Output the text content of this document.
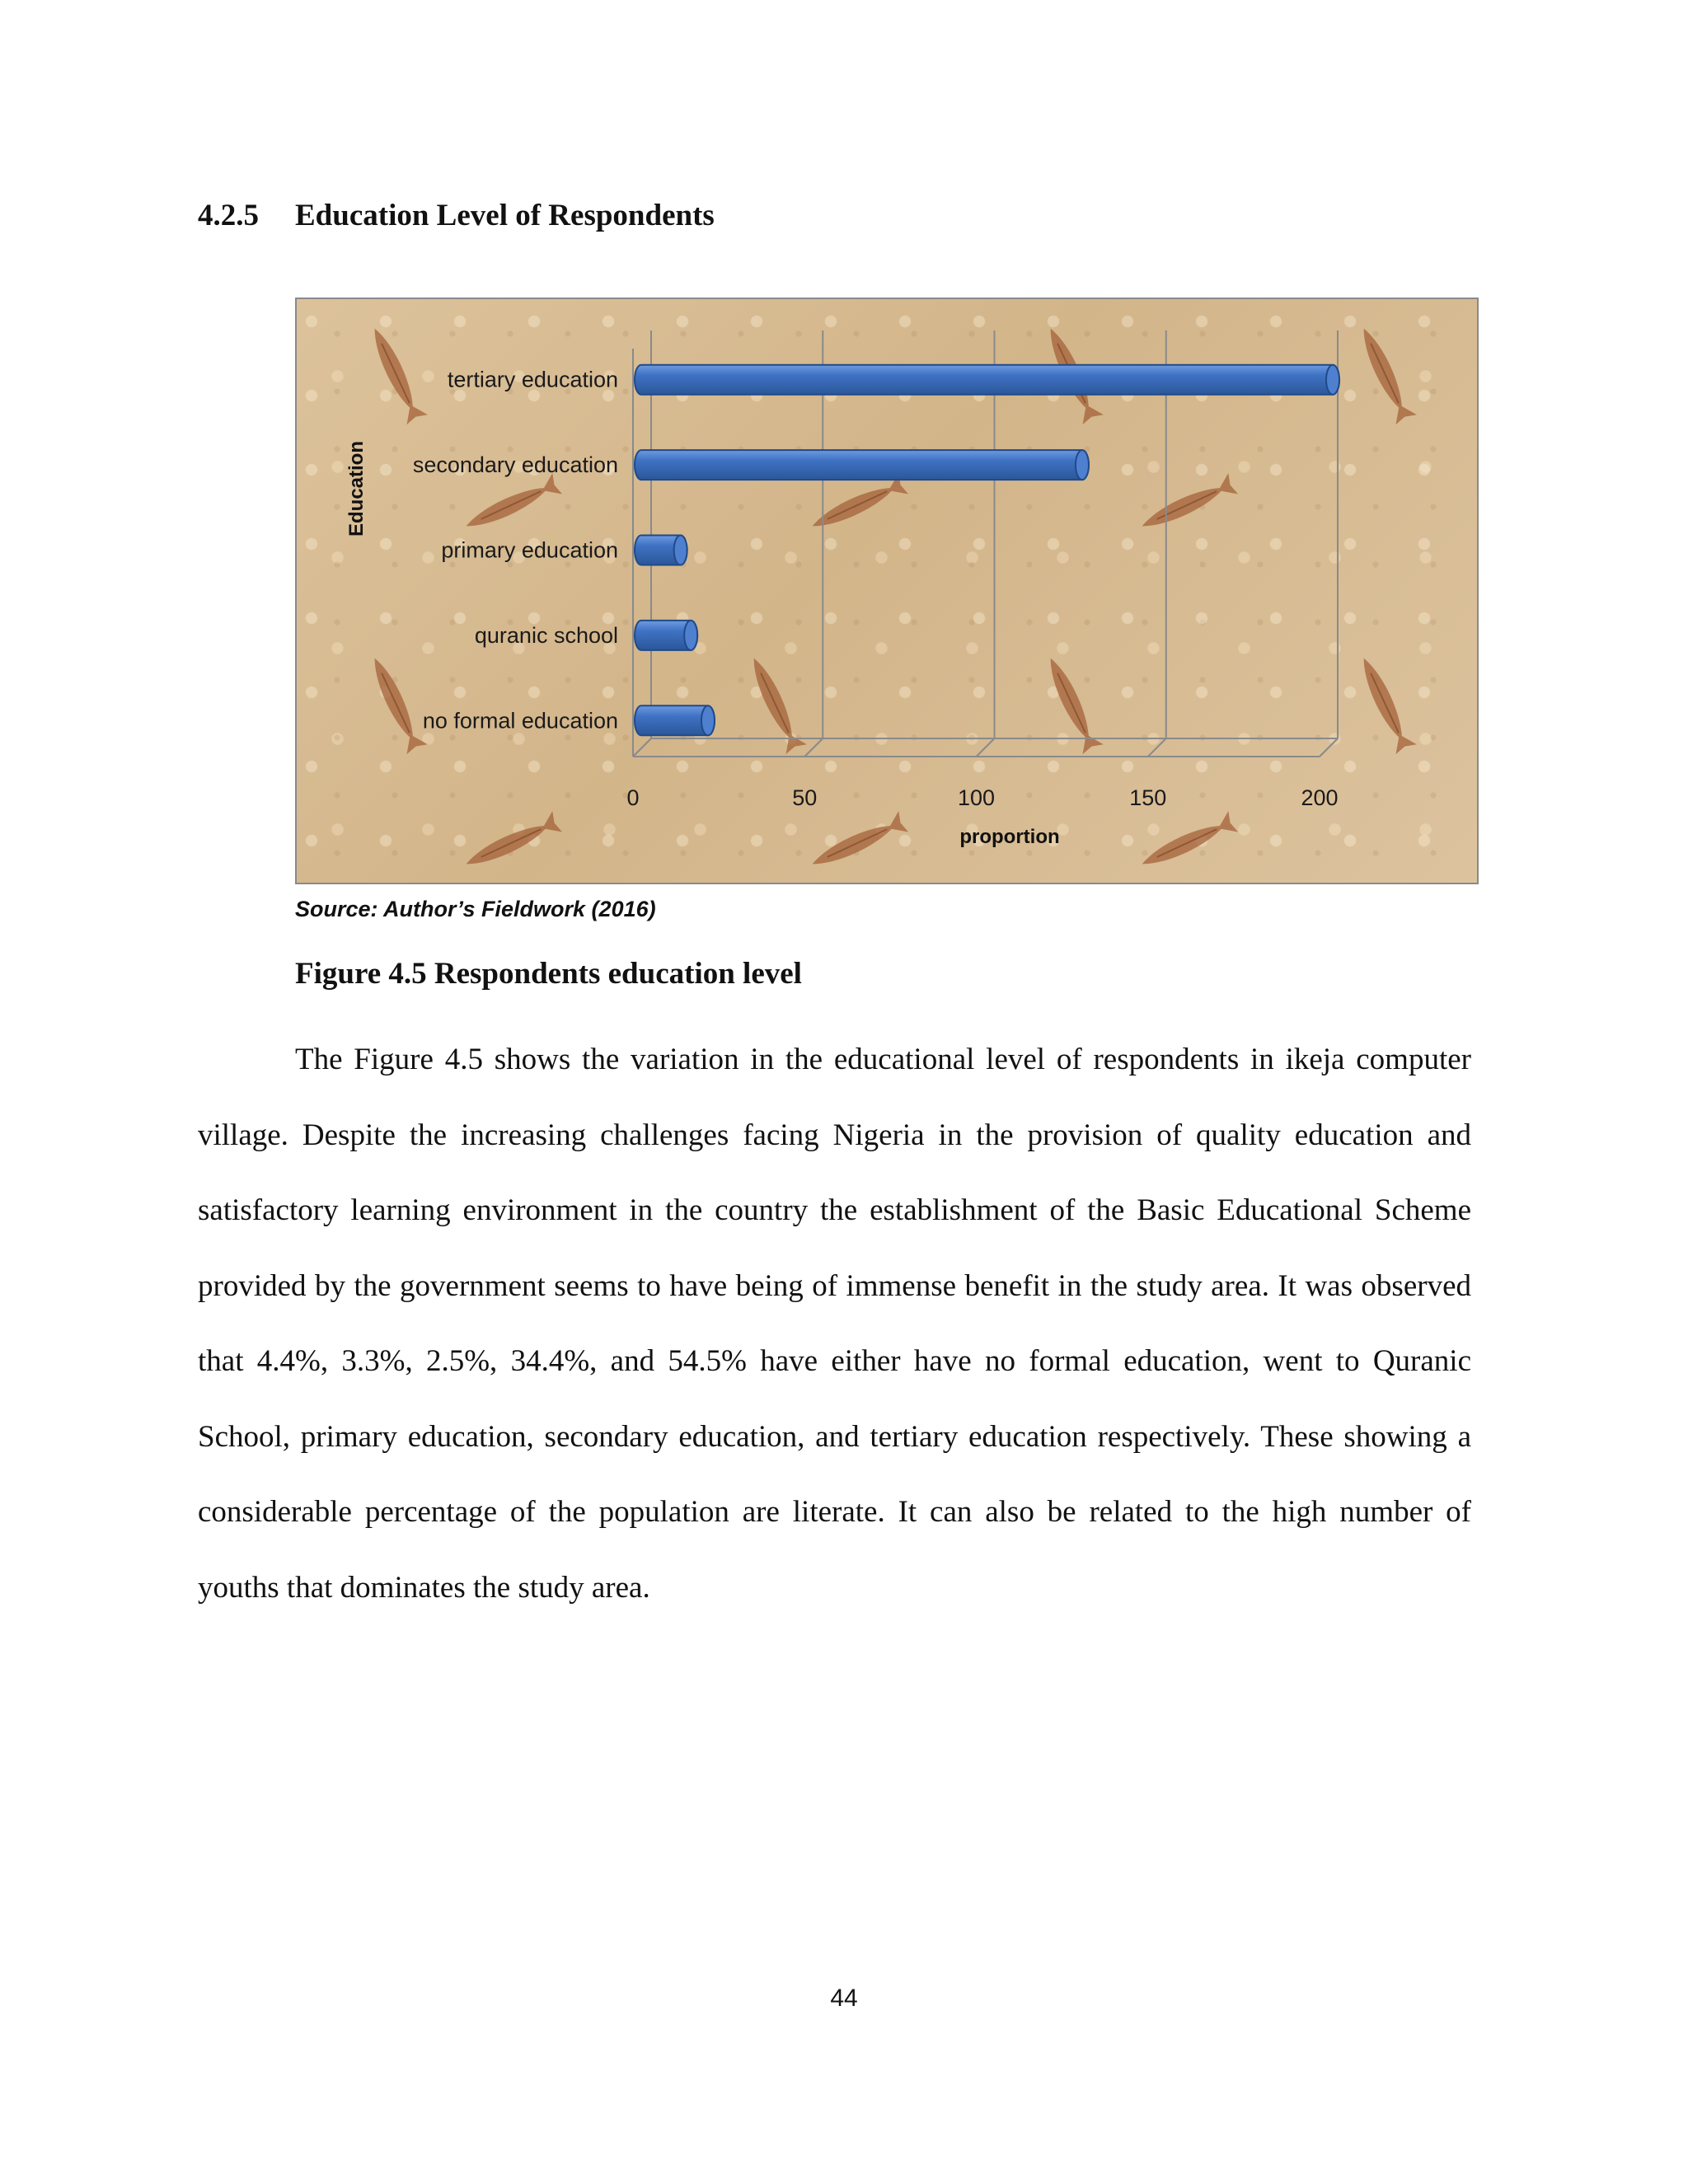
4.2.5 Education Level of Respondents
tertiary education
secondary education
primary education
quranic school
no formal education
0	50	100	150	200
proportion
Education
Source: Author’s Fieldwork (2016)
Figure 4.5 Respondents education level

The Figure 4.5 shows the variation in the educational level of respondents in ikeja computer village. Despite the increasing challenges facing Nigeria in the provision of quality education and satisfactory learning environment in the country the establishment of the Basic Educational Scheme provided by the government seems to have being of immense benefit in the study area. It was observed that 4.4%, 3.3%, 2.5%, 34.4%, and 54.5% have either have no formal education, went to Quranic School, primary education, secondary education, and tertiary education respectively. These showing a considerable percentage of the population are literate. It can also be related to the high number of youths that dominates the study area.

44
